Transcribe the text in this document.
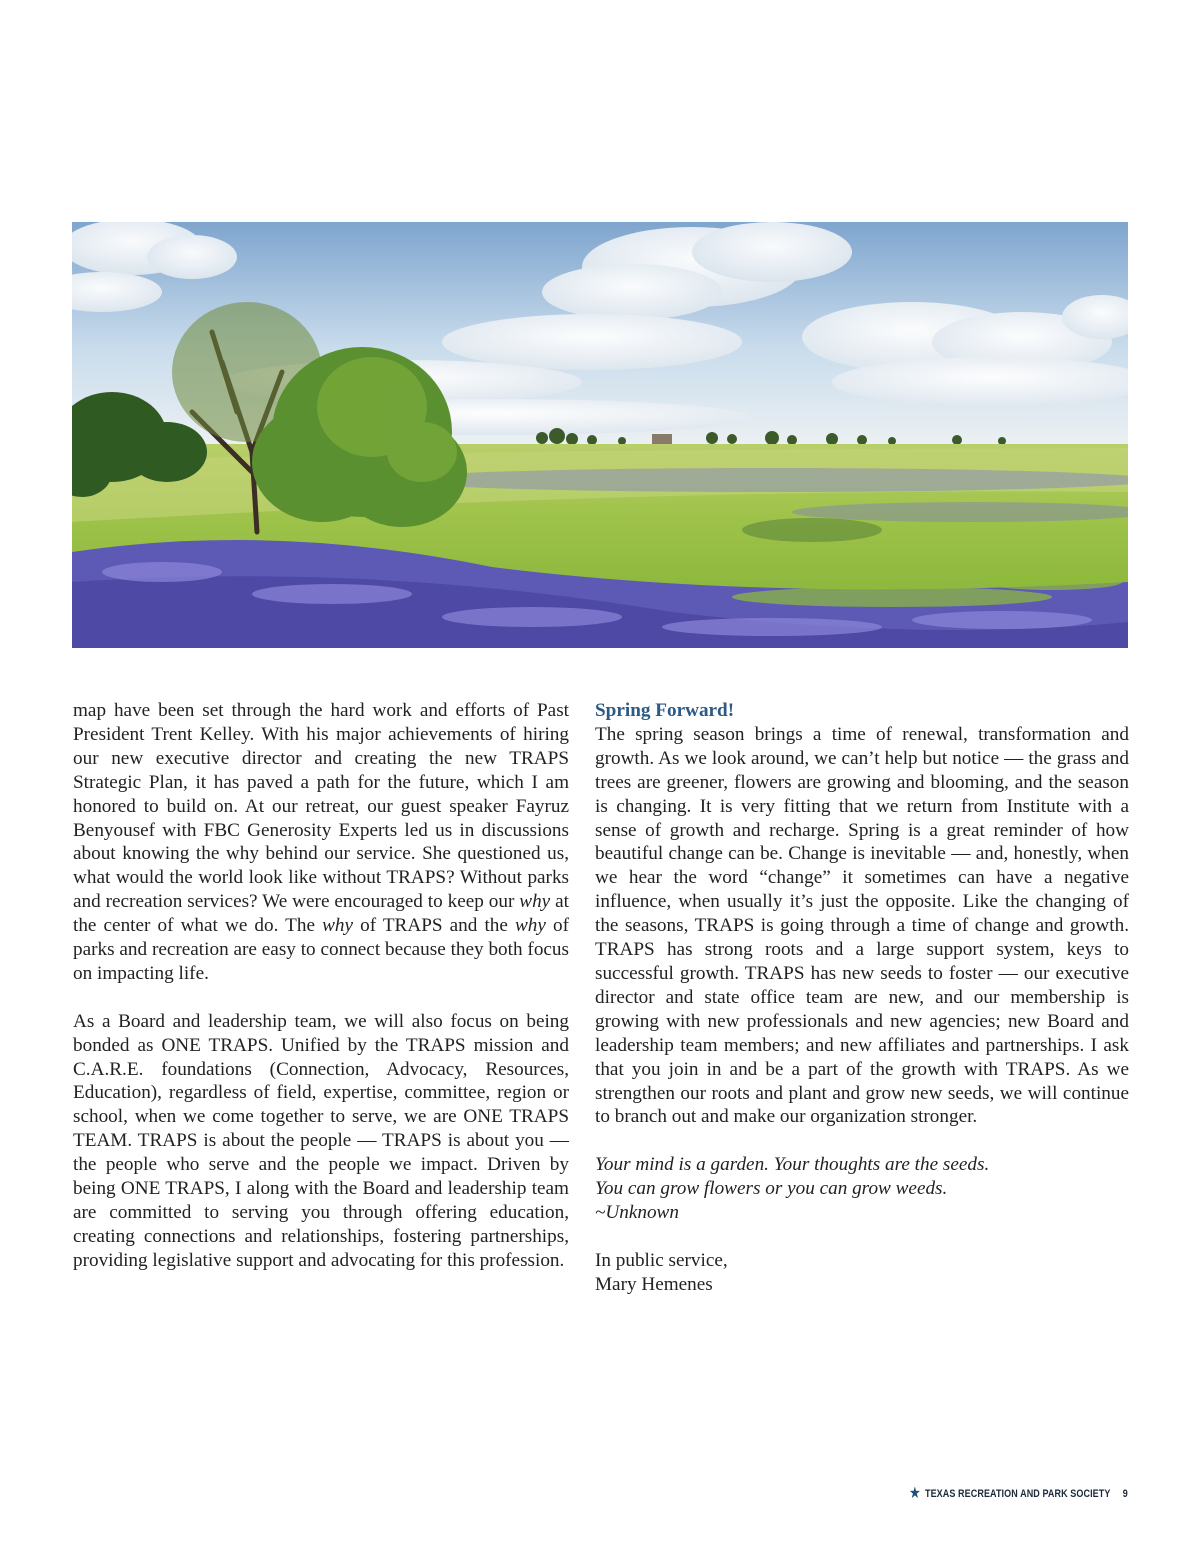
map have been set through the hard work and efforts of Past President Trent Kelley. With his major achievements of hiring our new executive director and creating the new TRAPS Strategic Plan, it has paved a path for the future, which I am honored to build on. At our retreat, our guest speaker Fayruz Benyousef with FBC Generosity Experts led us in discussions about knowing the why behind our service. She questioned us, what would the world look like without TRAPS? Without parks and recreation services? We were encouraged to keep our why at the center of what we do. The why of TRAPS and the why of parks and recreation are easy to connect because they both focus on impacting life.

As a Board and leadership team, we will also focus on being bonded as ONE TRAPS. Unified by the TRAPS mission and C.A.R.E. foundations (Connection, Advocacy, Resources, Education), regardless of field, expertise, committee, region or school, when we come together to serve, we are ONE TRAPS TEAM. TRAPS is about the people — TRAPS is about you — the people who serve and the people we impact. Driven by being ONE TRAPS, I along with the Board and leadership team are committed to serving you through offering education, creating connections and relationships, fostering partnerships, providing legislative support and advocating for this profession.

Spring Forward!

The spring season brings a time of renewal, transformation and growth. As we look around, we can’t help but notice — the grass and trees are greener, flowers are growing and blooming, and the season is changing. It is very fitting that we return from Institute with a sense of growth and recharge. Spring is a great reminder of how beautiful change can be. Change is inevitable — and, honestly, when we hear the word “change” it sometimes can have a negative influence, when usually it’s just the opposite. Like the changing of the seasons, TRAPS is going through a time of change and growth. TRAPS has strong roots and a large support system, keys to successful growth. TRAPS has new seeds to foster — our executive director and state office team are new, and our membership is growing with new professionals and new agencies; new Board and leadership team members; and new affiliates and partnerships. I ask that you join in and be a part of the growth with TRAPS. As we strengthen our roots and plant and grow new seeds, we will continue to branch out and make our organization stronger.

Your mind is a garden. Your thoughts are the seeds.
You can grow flowers or you can grow weeds.
~Unknown

In public service,
Mary Hemenes

★ TEXAS RECREATION AND PARK SOCIETY 9
